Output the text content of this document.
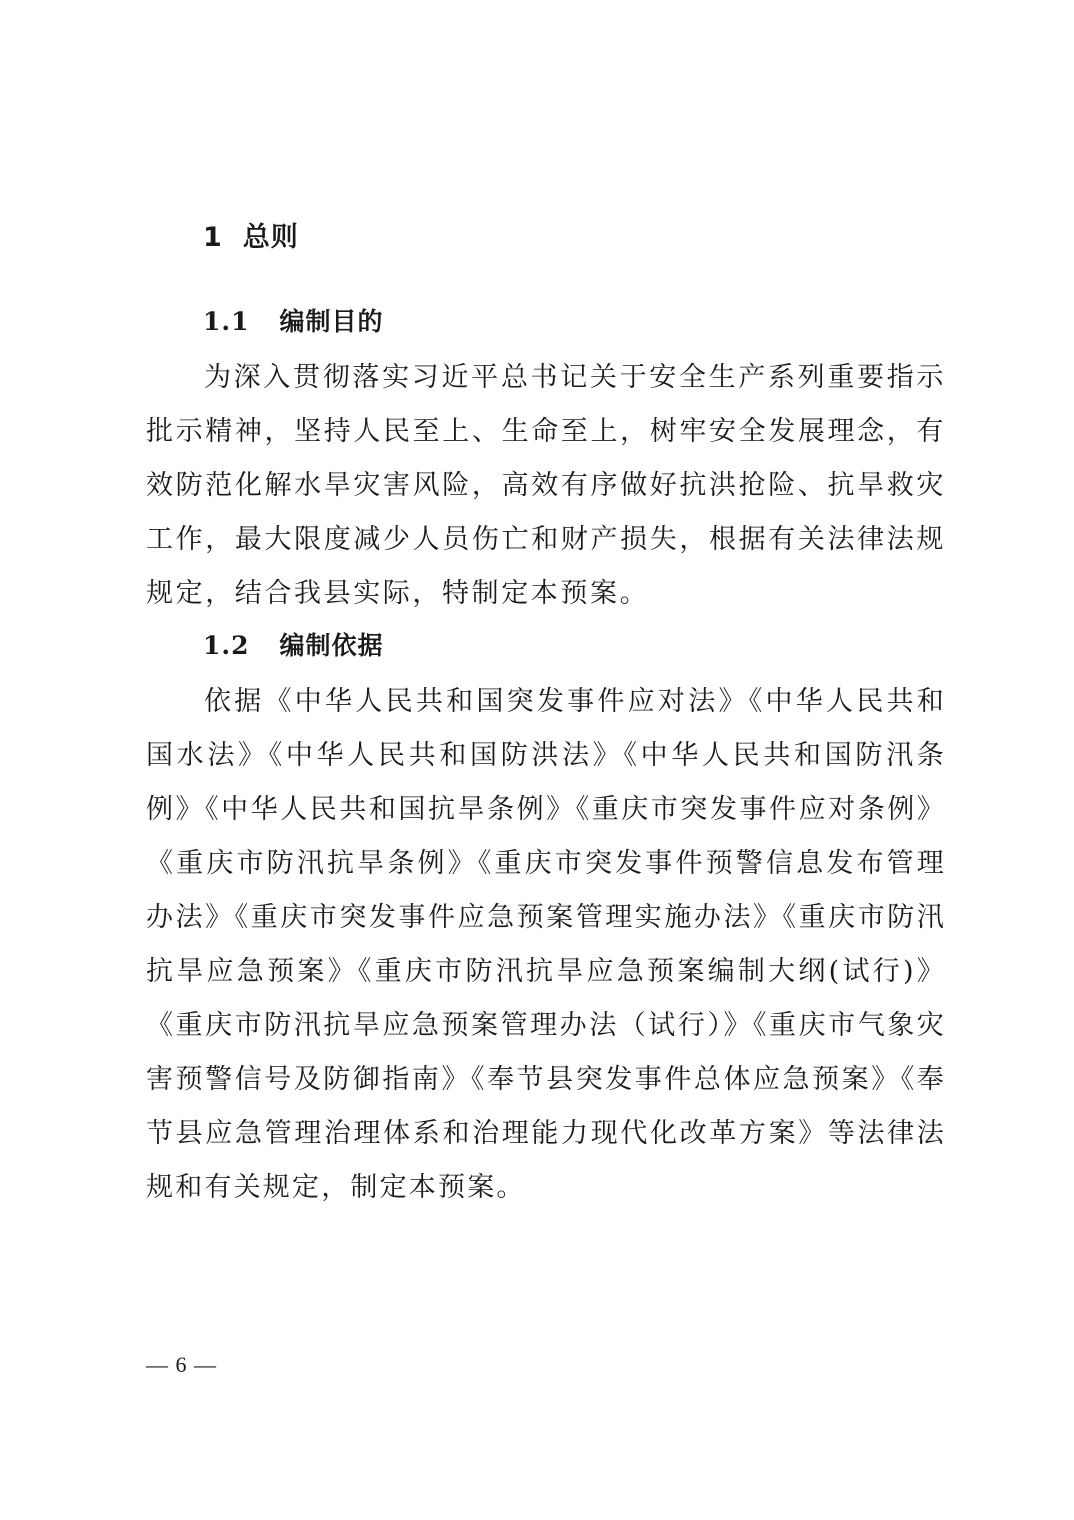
1 总则
1.1 编制目的

为深入贯彻落实习近平总书记关于安全生产系列重要指示批示精神，坚持人民至上、生命至上，树牢安全发展理念，有效防范化解水旱灾害风险，高效有序做好抗洪抢险、抗旱救灾工作，最大限度减少人员伤亡和财产损失，根据有关法律法规规定，结合我县实际，特制定本预案。

1.2 编制依据

依据《中华人民共和国突发事件应对法》《中华人民共和国水法》《中华人民共和国防洪法》《中华人民共和国防汛条例》《中华人民共和国抗旱条例》《重庆市突发事件应对条例》《重庆市防汛抗旱条例》《重庆市突发事件预警信息发布管理办法》《重庆市突发事件应急预案管理实施办法》《重庆市防汛抗旱应急预案》《重庆市防汛抗旱应急预案编制大纲(试行)》《重庆市防汛抗旱应急预案管理办法（试行）》《重庆市气象灾害预警信号及防御指南》《奉节县突发事件总体应急预案》《奉节县应急管理治理体系和治理能力现代化改革方案》等法律法规和有关规定，制定本预案。

— 6 —
